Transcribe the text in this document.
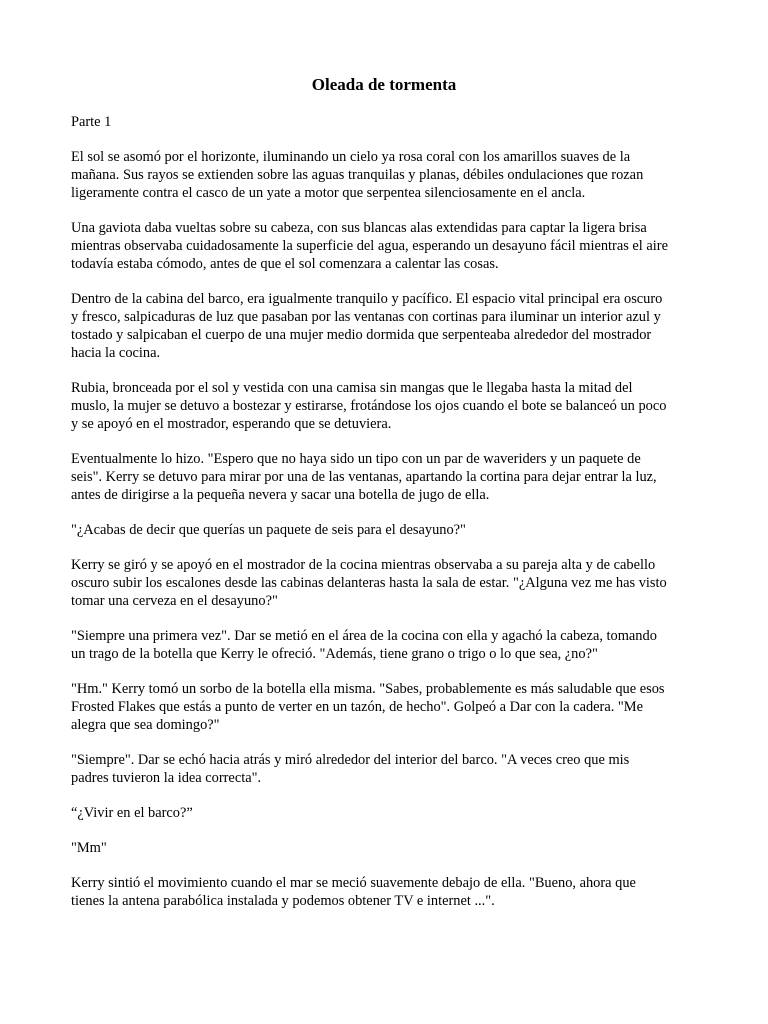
Oleada de tormenta

Parte 1

El sol se asomó por el horizonte, iluminando un cielo ya rosa coral con los amarillos suaves de la
mañana. Sus rayos se extienden sobre las aguas tranquilas y planas, débiles ondulaciones que rozan
ligeramente contra el casco de un yate a motor que serpentea silenciosamente en el ancla.

Una gaviota daba vueltas sobre su cabeza, con sus blancas alas extendidas para captar la ligera brisa
mientras observaba cuidadosamente la superficie del agua, esperando un desayuno fácil mientras el aire
todavía estaba cómodo, antes de que el sol comenzara a calentar las cosas.

Dentro de la cabina del barco, era igualmente tranquilo y pacífico. El espacio vital principal era oscuro
y fresco, salpicaduras de luz que pasaban por las ventanas con cortinas para iluminar un interior azul y
tostado y salpicaban el cuerpo de una mujer medio dormida que serpenteaba alrededor del mostrador
hacia la cocina.

Rubia, bronceada por el sol y vestida con una camisa sin mangas que le llegaba hasta la mitad del
muslo, la mujer se detuvo a bostezar y estirarse, frotándose los ojos cuando el bote se balanceó un poco
y se apoyó en el mostrador, esperando que se detuviera.

Eventualmente lo hizo. "Espero que no haya sido un tipo con un par de waveriders y un paquete de
seis". Kerry se detuvo para mirar por una de las ventanas, apartando la cortina para dejar entrar la luz,
antes de dirigirse a la pequeña nevera y sacar una botella de jugo de ella.

"¿Acabas de decir que querías un paquete de seis para el desayuno?"

Kerry se giró y se apoyó en el mostrador de la cocina mientras observaba a su pareja alta y de cabello
oscuro subir los escalones desde las cabinas delanteras hasta la sala de estar. "¿Alguna vez me has visto
tomar una cerveza en el desayuno?"

"Siempre una primera vez". Dar se metió en el área de la cocina con ella y agachó la cabeza, tomando
un trago de la botella que Kerry le ofreció. "Además, tiene grano o trigo o lo que sea, ¿no?"

"Hm." Kerry tomó un sorbo de la botella ella misma. "Sabes, probablemente es más saludable que esos
Frosted Flakes que estás a punto de verter en un tazón, de hecho". Golpeó a Dar con la cadera. "Me
alegra que sea domingo?"

"Siempre". Dar se echó hacia atrás y miró alrededor del interior del barco. "A veces creo que mis
padres tuvieron la idea correcta".

“¿Vivir en el barco?”

"Mm"

Kerry sintió el movimiento cuando el mar se meció suavemente debajo de ella. "Bueno, ahora que
tienes la antena parabólica instalada y podemos obtener TV e internet ...".
